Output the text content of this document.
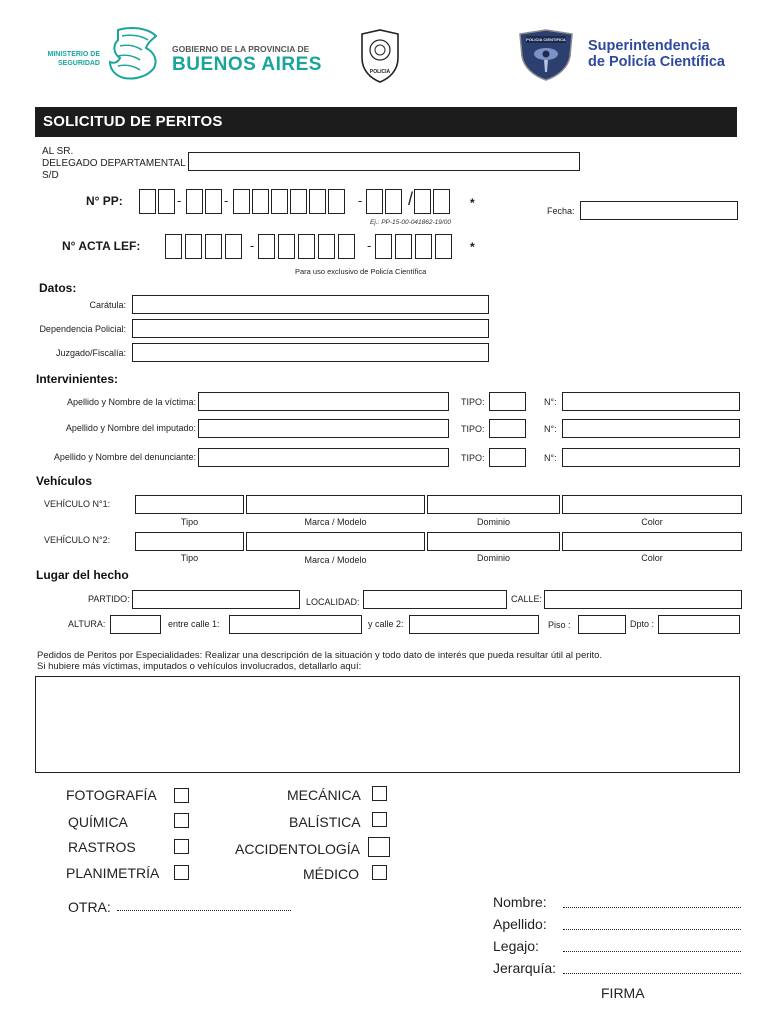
MINISTERIO DE SEGURIDAD
GOBIERNO DE LA PROVINCIA DE
BUENOS AIRES	POLICIA
POLICIA CIENTIFICA Superintendencia
de Policía Científica
SOLICITUD DE PERITOS
AL SR.
DELEGADO DEPARTAMENTAL
S/D
N° PP:	-	-	-	/	*
Ej.: PP-15-00-041862-19/00
Fecha:
N° ACTA LEF:	-	-	*
Para uso exclusivo de Policía Científica
Datos:
Carátula:
Dependencia Policial:
Juzgado/Fiscalía:
Intervinientes:
Apellido y Nombre de la víctima:	TIPO:	N°:
Apellido y Nombre del imputado:	TIPO:	N°:
Apellido y Nombre del denunciante:	TIPO:	N°:
Vehículos
VEHÍCULO N°1:
Tipo	Marca / Modelo	Dominio	Color
VEHÍCULO N°2:
Tipo	Marca / Modelo	Dominio	Color
Lugar del hecho
PARTIDO:	LOCALIDAD:	CALLE:
ALTURA:	entre calle 1:	y calle 2:	Piso :	Dpto :
Pedidos de Peritos por Especialidades: Realizar una descripción de la situación y todo dato de interés que pueda resultar útil al perito.
Si hubiere más víctimas, imputados o vehículos involucrados, detallarlo aquí:
FOTOGRAFÍA
QUÍMICA
RASTROS
PLANIMETRÍA
MECÁNICA
BALÍSTICA
ACCIDENTOLOGÍA
MÉDICO
OTRA:	Nombre:
Apellido:
Legajo:
Jerarquía:
FIRMA
